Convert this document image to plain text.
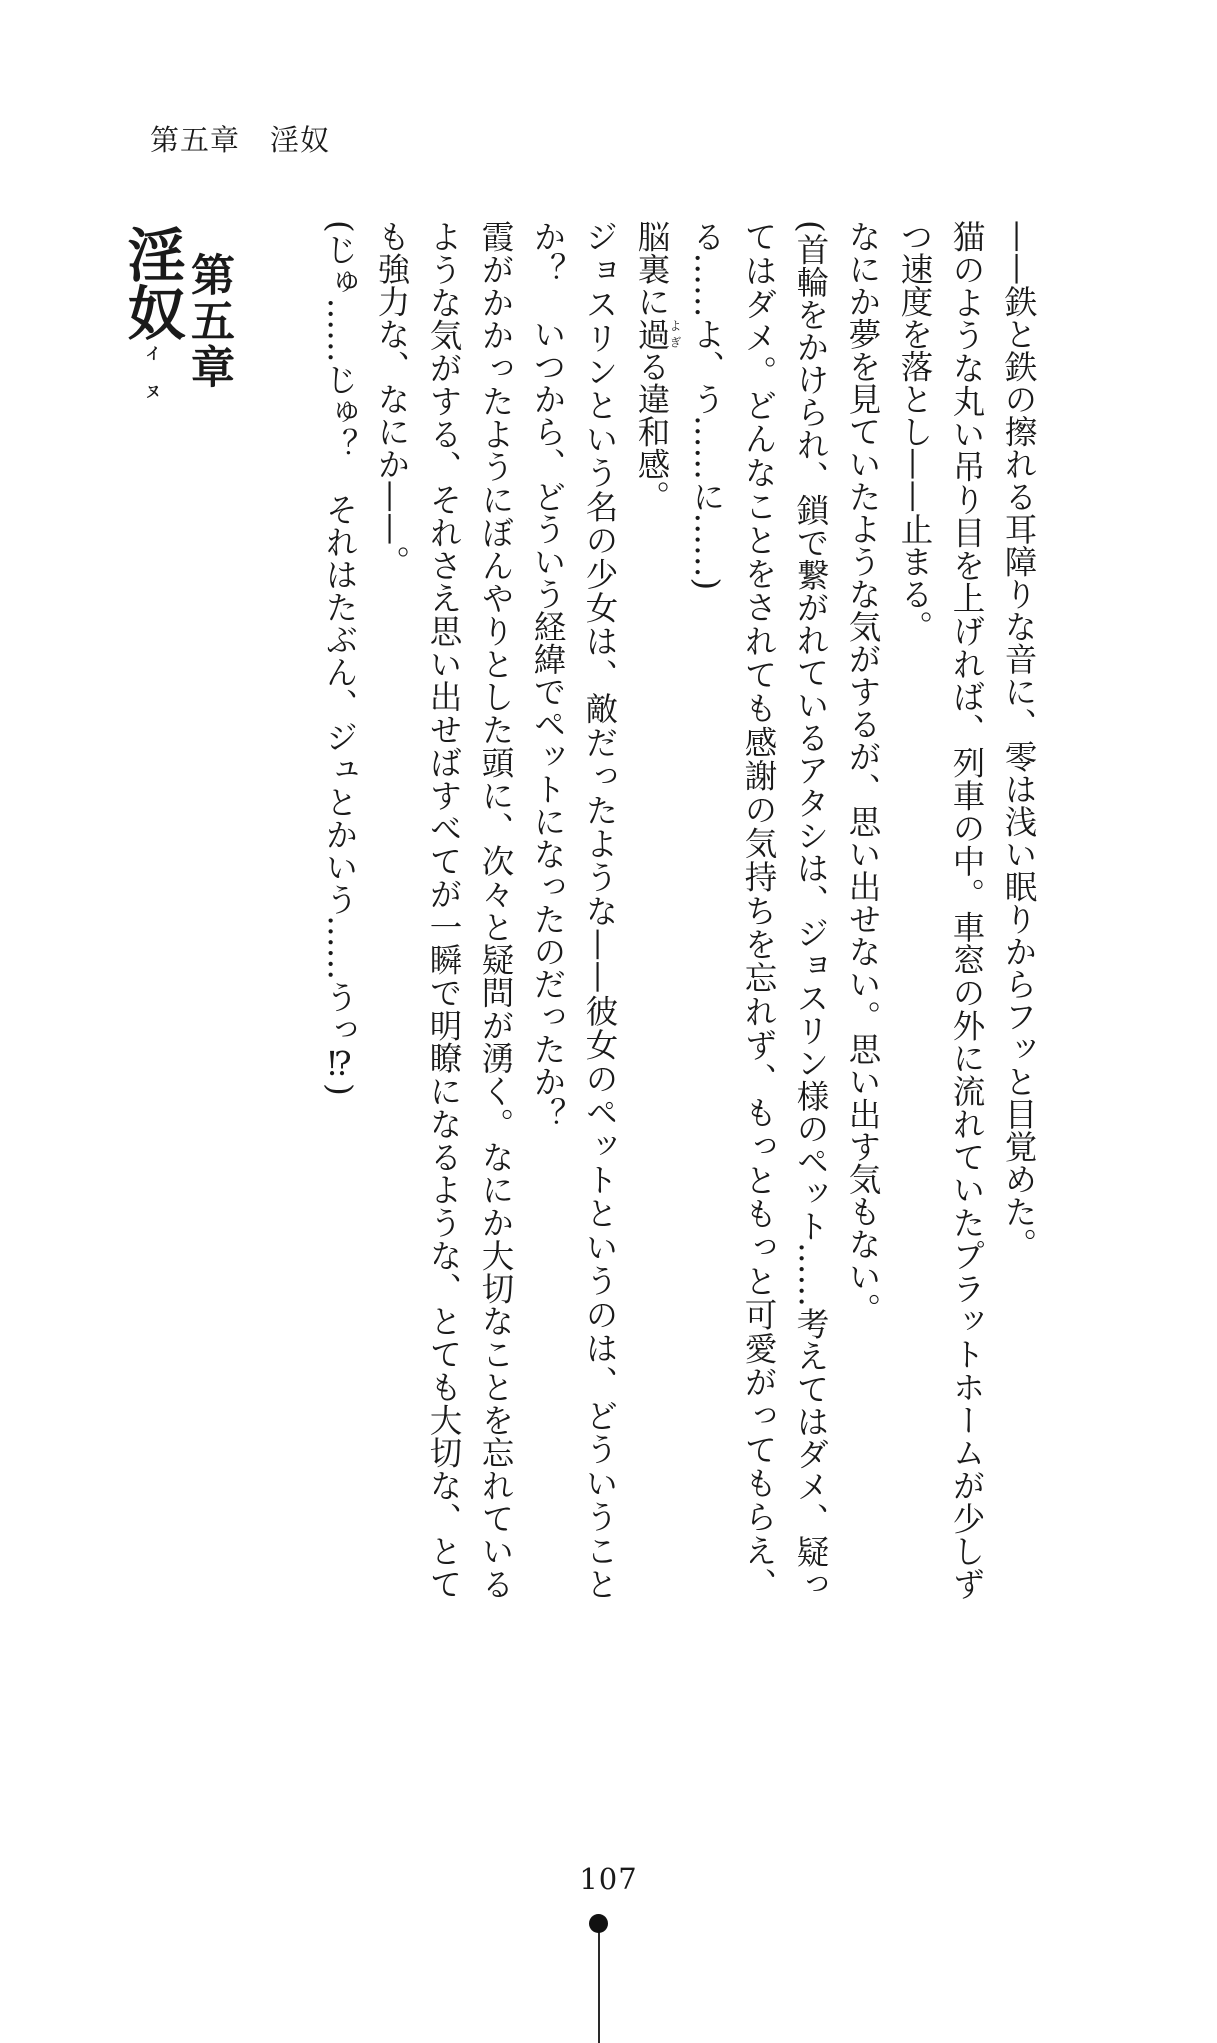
第五章　淫奴
第五章
淫奴イヌ	——鉄と鉄の擦れる耳障りな音に、零は浅い眠りからフッと目覚めた。

猫のような丸い吊り目を上げれば、列車の中。車窓の外に流れていたプラットホームが少しずつ速度を落とし——止まる。

なにか夢を見ていたような気がするが、思い出せない。思い出す気もない。

(首輪をかけられ、鎖で繋がれているアタシは、ジョスリン様のペット……考えてはダメ、疑ってはダメ。どんなことをされても感謝の気持ちを忘れず、もっともっと可愛がってもらえ、る……よ、う……に……)

脳裏に過よぎる違和感。

ジョスリンという名の少女は、敵だったような——彼女のペットというのは、どういうことか？　いつから、どういう経緯でペットになったのだったか？

霞がかかったようにぼんやりとした頭に、次々と疑問が湧く。なにか大切なことを忘れているような気がする、それさえ思い出せばすべてが一瞬で明瞭になるような、とても大切な、とても強力な、なにか——。

(じゅ……じゅ？　それはたぶん、ジュとかいう……うっ⁉)

107
